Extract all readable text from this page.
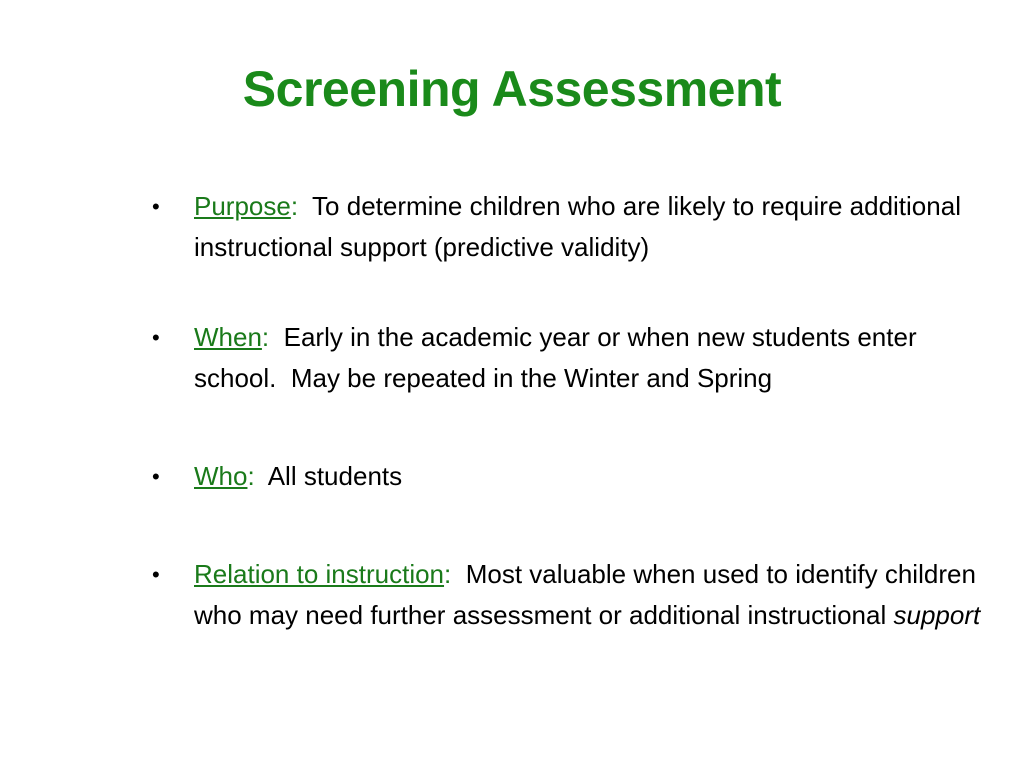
Screening Assessment
•	Purpose:  To determine children who are likely to require additional instructional support (predictive validity)
•	When:  Early in the academic year or when new students enter school.  May be repeated in the Winter and Spring
•	Who:  All students
•	Relation to instruction:  Most valuable when used to identify children who may need further assessment or additional instructional support
